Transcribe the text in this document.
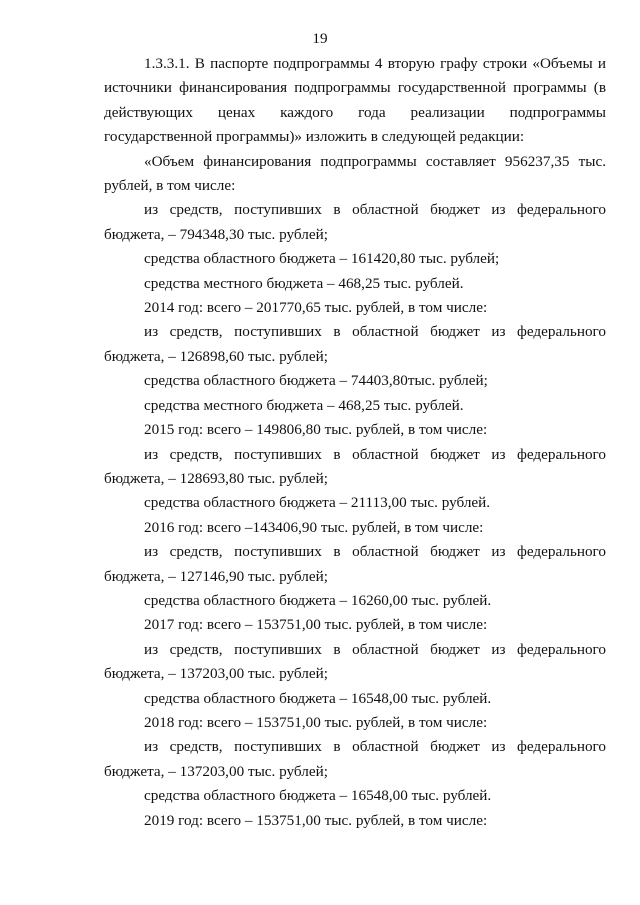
19

1.3.3.1. В паспорте подпрограммы 4 вторую графу строки «Объемы и источники финансирования подпрограммы государственной программы (в действующих ценах каждого года реализации подпрограммы государственной программы)» изложить в следующей редакции:

«Объем финансирования подпрограммы составляет 956237,35 тыс. рублей, в том числе:

из средств, поступивших в областной бюджет из федерального бюджета, – 794348,30 тыс. рублей;

средства областного бюджета – 161420,80 тыс. рублей;

средства местного бюджета – 468,25 тыс. рублей.

2014 год: всего – 201770,65 тыс. рублей, в том числе:

из средств, поступивших в областной бюджет из федерального бюджета, – 126898,60 тыс. рублей;

средства областного бюджета – 74403,80тыс. рублей;

средства местного бюджета – 468,25 тыс. рублей.

2015 год: всего – 149806,80 тыс. рублей, в том числе:

из средств, поступивших в областной бюджет из федерального бюджета, – 128693,80 тыс. рублей;

средства областного бюджета – 21113,00 тыс. рублей.

2016 год: всего –143406,90 тыс. рублей, в том числе:

из средств, поступивших в областной бюджет из федерального бюджета, – 127146,90 тыс. рублей;

средства областного бюджета – 16260,00 тыс. рублей.

2017 год: всего – 153751,00 тыс. рублей, в том числе:

из средств, поступивших в областной бюджет из федерального бюджета, – 137203,00 тыс. рублей;

средства областного бюджета – 16548,00 тыс. рублей.

2018 год: всего – 153751,00 тыс. рублей, в том числе:

из средств, поступивших в областной бюджет из федерального бюджета, – 137203,00 тыс. рублей;

средства областного бюджета – 16548,00 тыс. рублей.

2019 год: всего – 153751,00 тыс. рублей, в том числе:
